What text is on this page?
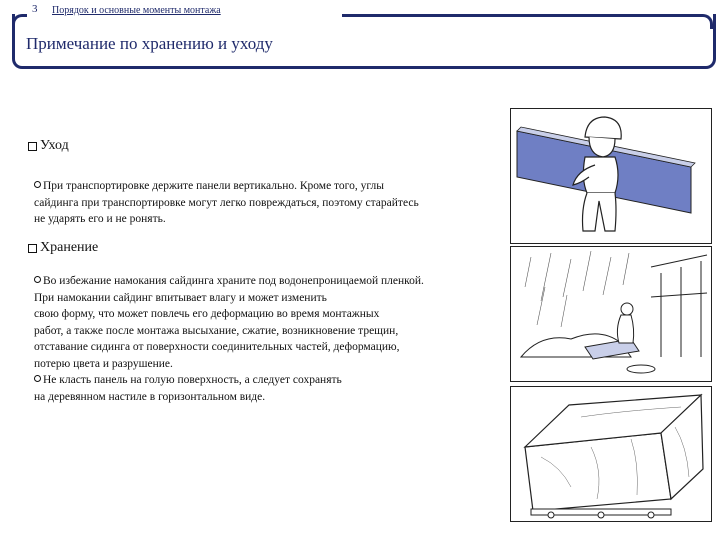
3 Порядок и основные моменты монтажа
Примечание по хранению и уходу
Уход
При транспортировке держите панели вертикально. Кроме того, углы
сайдинга при транспортировке могут легко повреждаться, поэтому старайтесь
не ударять его и не ронять.
Хранение
Во избежание намокания сайдинга храните под водонепроницаемой пленкой.
При намокании сайдинг впитывает влагу и может изменить
свою форму, что может повлечь его деформацию во время монтажных
работ, а также после монтажа высыхание, сжатие, возникновение трещин,
отставание сидинга от поверхности соединительных частей, деформацию,
потерю цвета и разрушение.
Не класть панель на голую поверхность, а следует сохранять
на деревянном настиле в горизонтальном виде.
